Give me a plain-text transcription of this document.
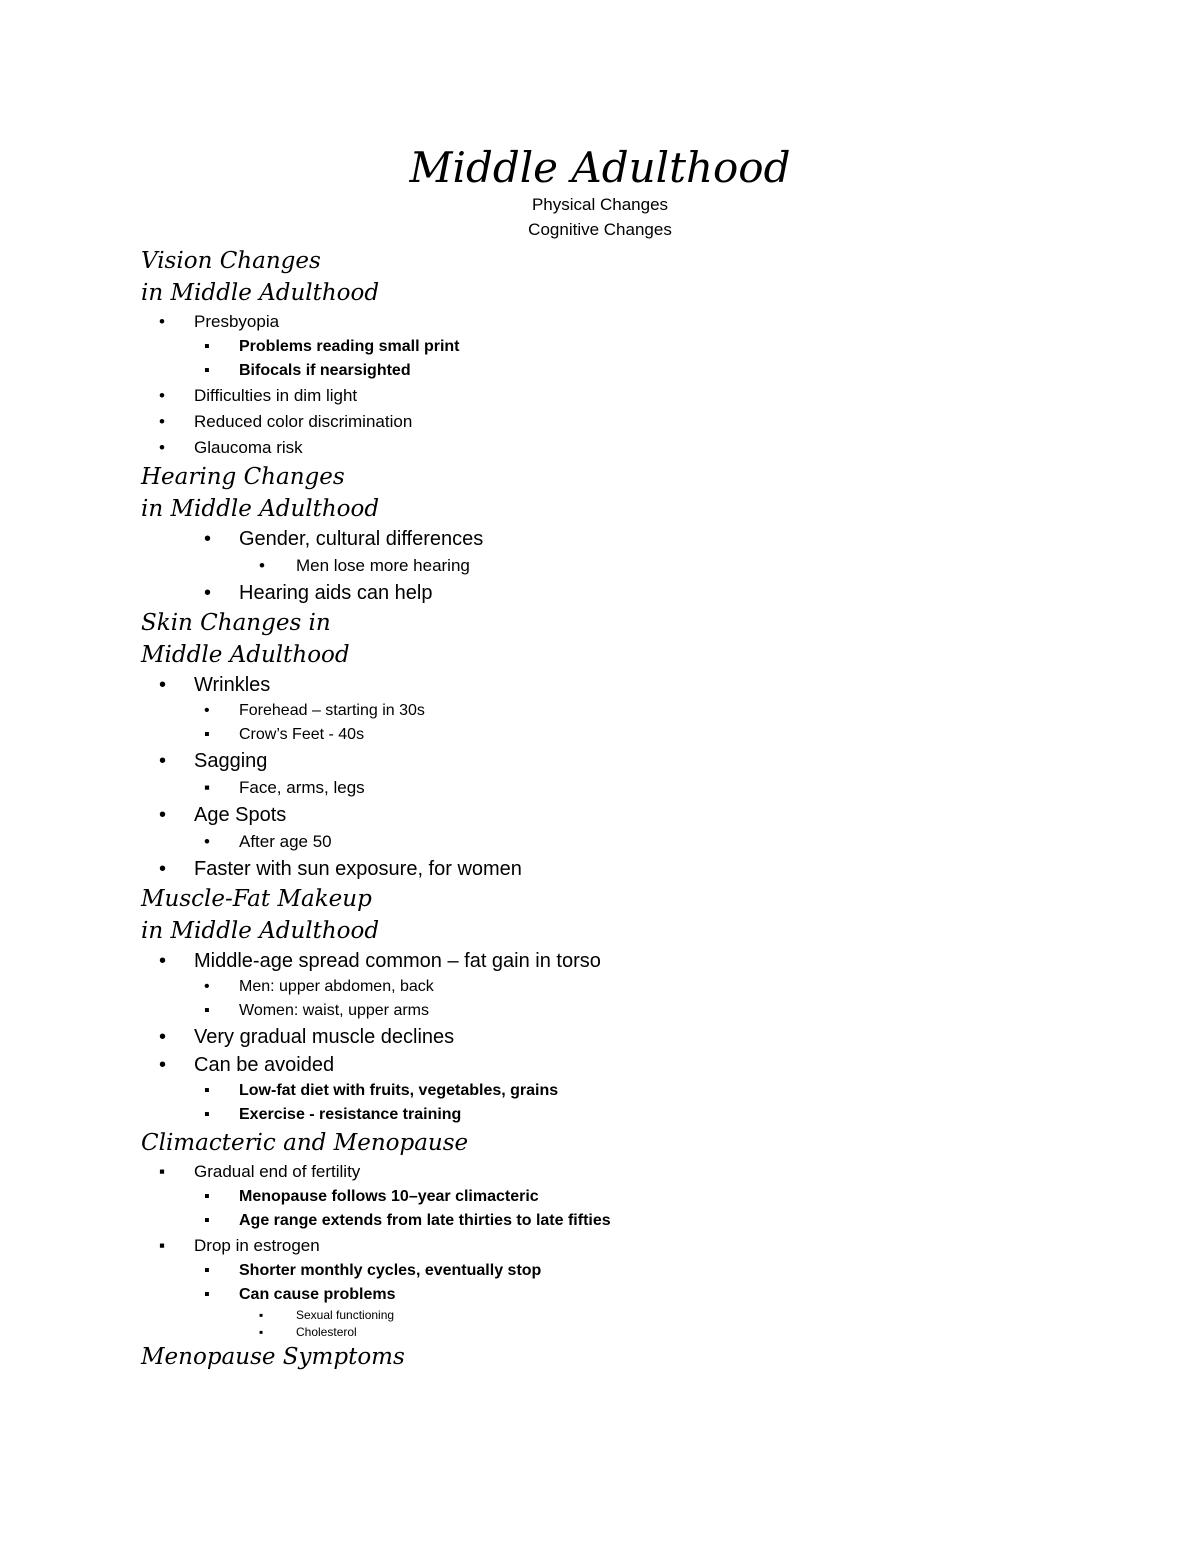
Middle Adulthood
Physical Changes
Cognitive Changes
Vision Changes
in Middle Adulthood
• Presbyopia
▪ Problems reading small print
▪ Bifocals if nearsighted
• Difficulties in dim light
• Reduced color discrimination
• Glaucoma risk
Hearing Changes
in Middle Adulthood
• Gender, cultural differences
• Men lose more hearing
• Hearing aids can help
Skin Changes in
Middle Adulthood
• Wrinkles
• Forehead – starting in 30s
▪ Crow’s Feet - 40s
• Sagging
▪ Face, arms, legs
• Age Spots
• After age 50
• Faster with sun exposure, for women
Muscle-Fat Makeup
in Middle Adulthood
• Middle-age spread common – fat gain in torso
• Men: upper abdomen, back
▪ Women: waist, upper arms
• Very gradual muscle declines
• Can be avoided
▪ Low-fat diet with fruits, vegetables, grains
▪ Exercise - resistance training
Climacteric and Menopause
▪ Gradual end of fertility
▪ Menopause follows 10–year climacteric
▪ Age range extends from late thirties to late fifties
▪ Drop in estrogen
▪ Shorter monthly cycles, eventually stop
▪ Can cause problems
▪ Sexual functioning
▪ Cholesterol
Menopause Symptoms
